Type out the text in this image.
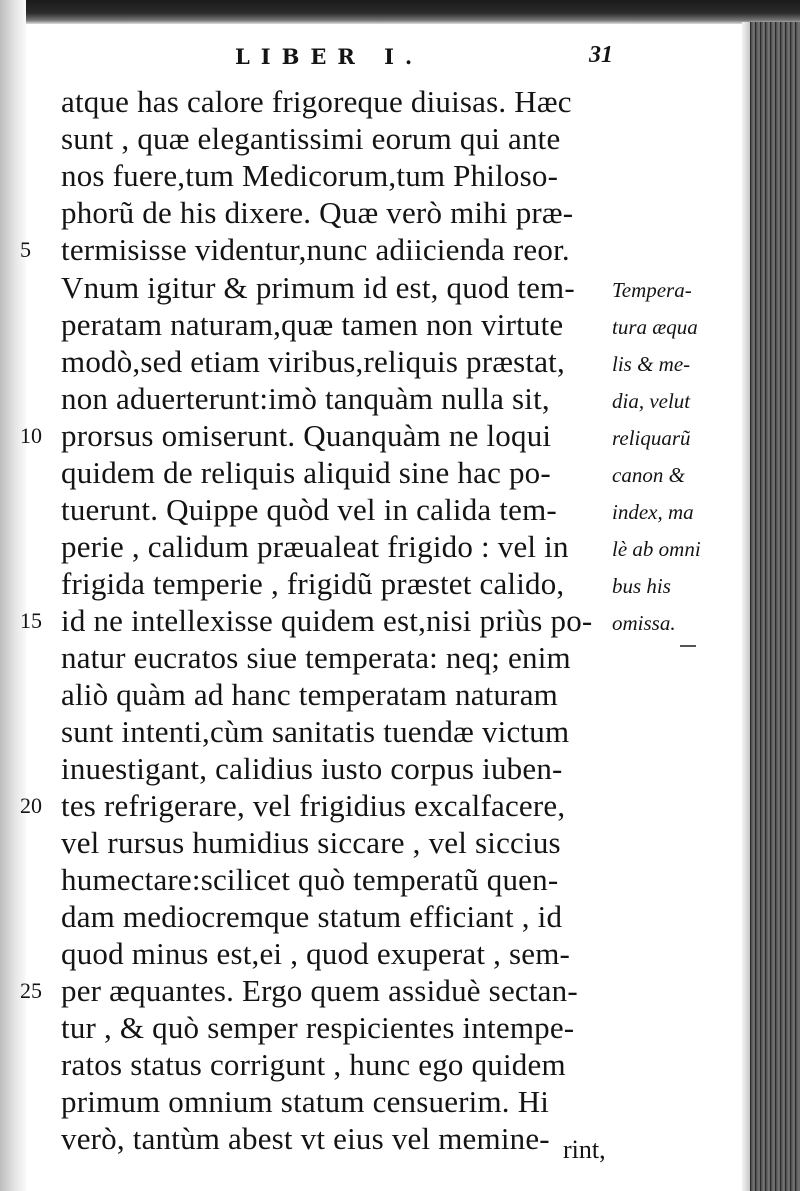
LIBER I.	31
atque has calore frigoreque diuisas. Hæc
sunt , quæ elegantissimi eorum qui ante
nos fuere,tum Medicorum,tum Philoso-
phorũ de his dixere. Quæ verò mihi præ-
termisisse videntur,nunc adiicienda reor.
Vnum igitur & primum id est, quod tem-
peratam naturam,quæ tamen non virtute
modò,sed etiam viribus,reliquis præstat,
non aduerterunt:imò tanquàm nulla sit,
prorsus omiserunt. Quanquàm ne loqui
quidem de reliquis aliquid sine hac po-
tuerunt. Quippe quòd vel in calida tem-
perie , calidum præualeat frigido : vel in
frigida temperie , frigidũ præstet calido,
id ne intellexisse quidem est,nisi priùs po-
natur eucratos siue temperata: neq; enim
aliò quàm ad hanc temperatam naturam
sunt intenti,cùm sanitatis tuendæ victum
inuestigant, calidius iusto corpus iuben-
tes refrigerare, vel frigidius excalfacere,
vel rursus humidius siccare , vel siccius
humectare:scilicet quò temperatũ quen-
dam mediocremque statum efficiant , id
quod minus est,ei , quod exuperat , sem-
per æquantes. Ergo quem assiduè sectan-
tur , & quò semper respicientes intempe-
ratos status corrigunt , hunc ego quidem
primum omnium statum censuerim. Hi
verò, tantùm abest vt eius vel memine- rint,
5
10
15
20
25
Tempera-
tura æqua
lis & me-
dia, velut
reliquarũ
canon &
index, ma
lè ab omni
bus his
omissa.
